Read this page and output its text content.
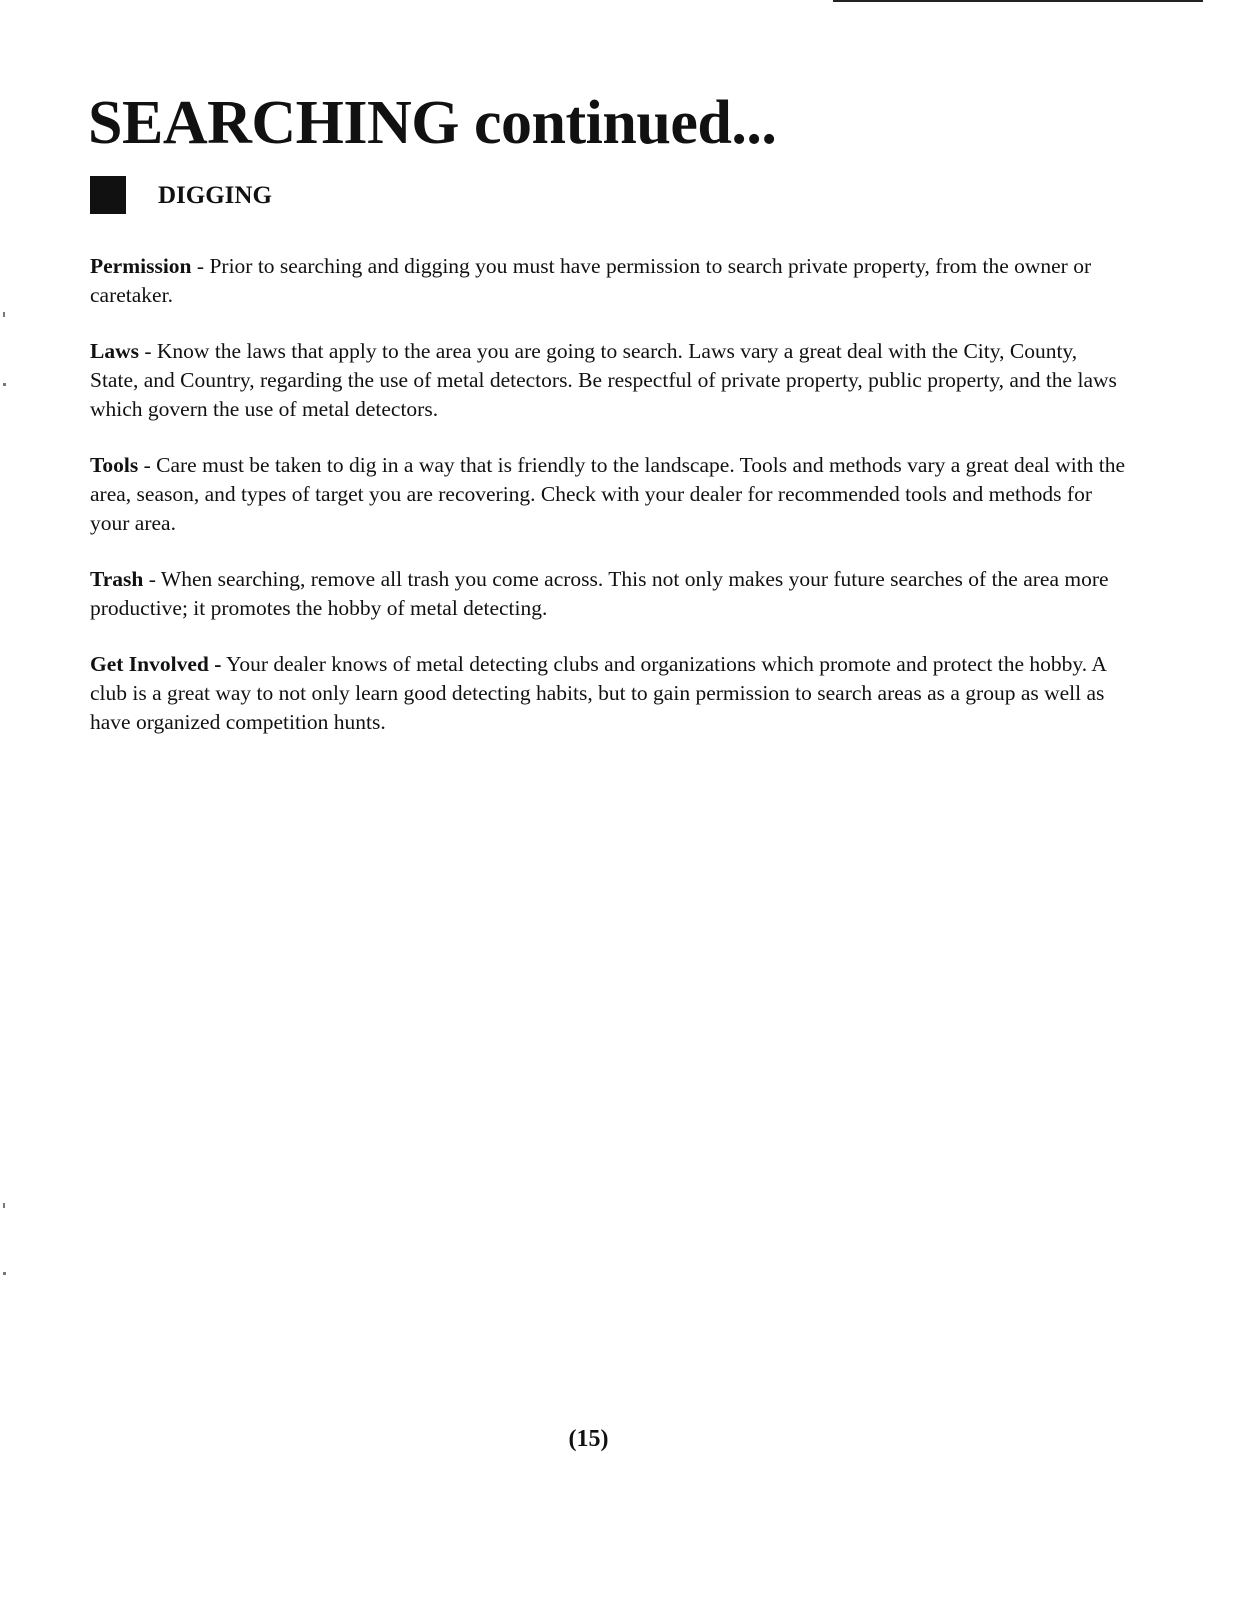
SEARCHING continued...
DIGGING

Permission - Prior to searching and digging you must have permission to search private property, from the owner or caretaker.

Laws - Know the laws that apply to the area you are going to search. Laws vary a great deal with the City, County, State, and Country, regarding the use of metal detectors. Be respectful of private property, public property, and the laws which govern the use of metal detectors.

Tools - Care must be taken to dig in a way that is friendly to the landscape. Tools and methods vary a great deal with the area, season, and types of target you are recovering. Check with your dealer for recommended tools and methods for your area.

Trash - When searching, remove all trash you come across. This not only makes your future searches of the area more productive; it promotes the hobby of metal detecting.

Get Involved - Your dealer knows of metal detecting clubs and organizations which promote and protect the hobby. A club is a great way to not only learn good detecting habits, but to gain permission to search areas as a group as well as have organized competition hunts.

(15)
